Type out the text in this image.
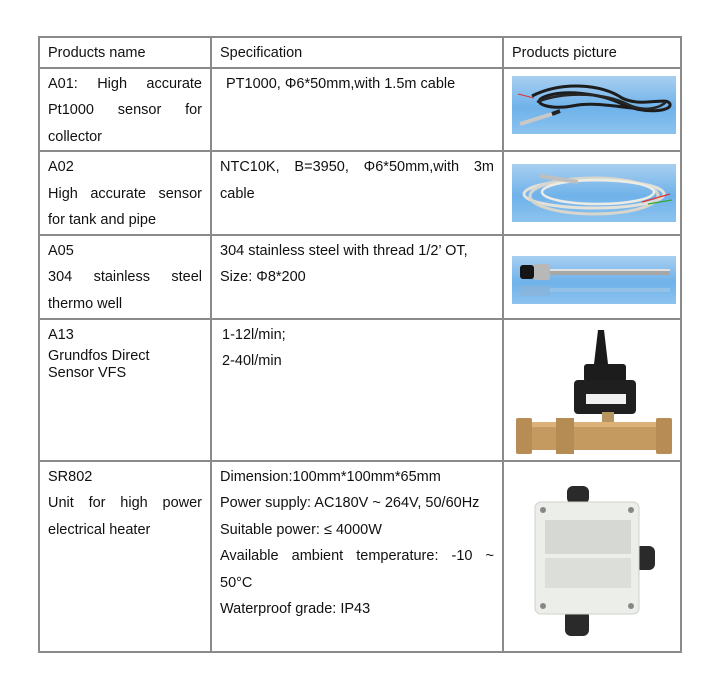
Products name	Specification	Products picture

A01: High accurate Pt1000 sensor for collector	PT1000, Φ6*50mm,with 1.5m cable

A02
High accurate sensor for tank and pipe	NTC10K, B=3950, Φ6*50mm,with 3m cable

A05
304 stainless steel thermo well	304 stainless steel with thread 1/2’ OT, Size: Φ8*200

A13
Grundfos Direct Sensor VFS	1-12l/min;
2-40l/min

SR802
Unit for high power electrical heater	Dimension:100mm*100mm*65mm
Power supply: AC180V ~ 264V, 50/60Hz
Suitable power: ≤ 4000W
Available ambient temperature: -10 ~ 50°C
Waterproof grade: IP43
